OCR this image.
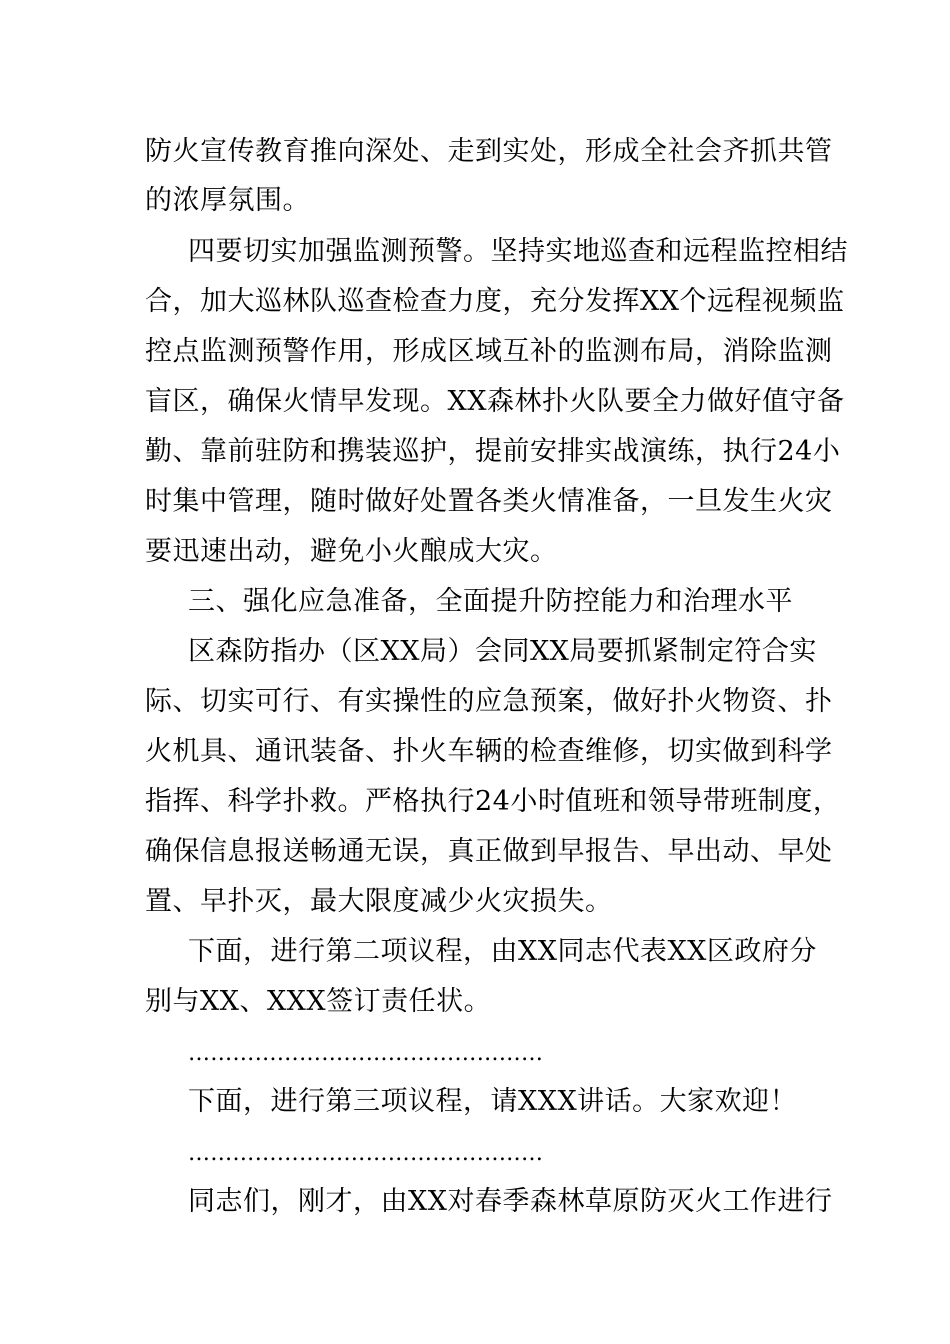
防火宣传教育推向深处、走到实处，形成全社会齐抓共管
的浓厚氛围。
四要切实加强监测预警。坚持实地巡查和远程监控相结
合，加大巡林队巡查检查力度，充分发挥XX个远程视频监
控点监测预警作用，形成区域互补的监测布局，消除监测
盲区，确保火情早发现。XX森林扑火队要全力做好值守备
勤、靠前驻防和携装巡护，提前安排实战演练，执行24小
时集中管理，随时做好处置各类火情准备，一旦发生火灾
要迅速出动，避免小火酿成大灾。
三、强化应急准备，全面提升防控能力和治理水平
区森防指办（区XX局）会同XX局要抓紧制定符合实
际、切实可行、有实操性的应急预案，做好扑火物资、扑
火机具、通讯装备、扑火车辆的检查维修，切实做到科学
指挥、科学扑救。严格执行24小时值班和领导带班制度，
确保信息报送畅通无误，真正做到早报告、早出动、早处
置、早扑灭，最大限度减少火灾损失。
下面，进行第二项议程，由XX同志代表XX区政府分
别与XX、XXX签订责任状。
…………………………………………
下面，进行第三项议程，请XXX讲话。大家欢迎！
…………………………………………
同志们，刚才，由XX对春季森林草原防灭火工作进行
